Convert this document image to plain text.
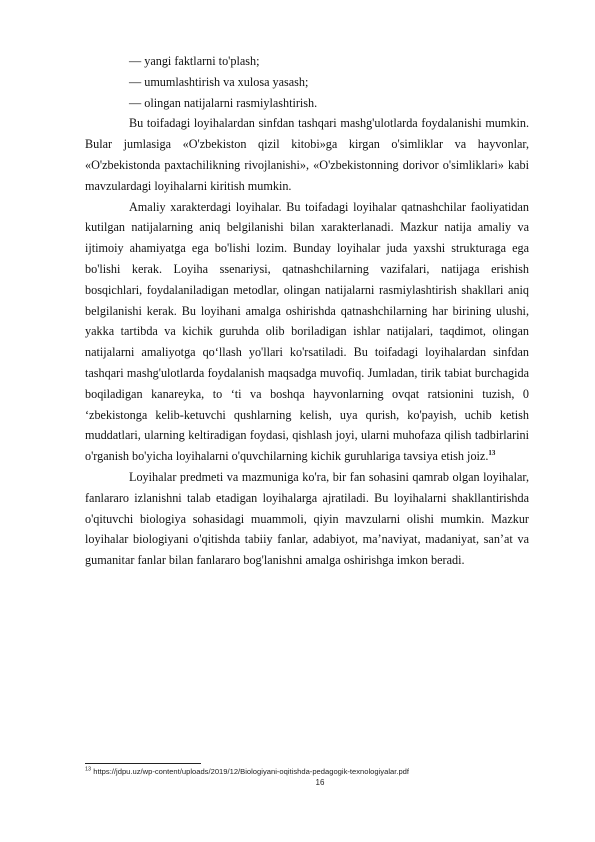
— yangi faktlarni to'plash;

— umumlashtirish va xulosa yasash;

— olingan natijalarni rasmiylashtirish.

Bu toifadagi loyihalardan sinfdan tashqari mashg'ulotlarda foydalanishi mumkin. Bular jumlasiga «O'zbekiston qizil kitobi»ga kirgan o'simliklar va hayvonlar, «O'zbekistonda paxtachilikning rivojlanishi», «O'zbekistonning dorivor o'simliklari» kabi mavzulardagi loyihalarni kiritish mumkin.

Amaliy xarakterdagi loyihalar. Bu toifadagi loyihalar qatnashchilar faoliyatidan kutilgan natijalarning aniq belgilanishi bilan xarakterlanadi. Mazkur natija amaliy va ijtimoiy ahamiyatga ega bo'lishi lozim. Bunday loyihalar juda yaxshi strukturaga ega bo'lishi kerak. Loyiha ssenariysi, qatnashchilarning vazifalari, natijaga erishish bosqichlari, foydalaniladigan metodlar, olingan natijalarni rasmiylashtirish shakllari aniq belgilanishi kerak. Bu loyihani amalga oshirishda qatnashchilarning har birining ulushi, yakka tartibda va kichik guruhda olib boriladigan ishlar natijalari, taqdimot, olingan natijalarni amaliyotga qo‘llash yo'llari ko'rsatiladi. Bu toifadagi loyihalardan sinfdan tashqari mashg'ulotlarda foydalanish maqsadga muvofiq. Jumladan, tirik tabiat burchagida boqiladigan kanareyka, to ‘ti va boshqa hayvonlarning ovqat ratsionini tuzish, 0 ‘zbekistonga kelib-ketuvchi qushlarning kelish, uya qurish, ko'payish, uchib ketish muddatlari, ularning keltiradigan foydasi, qishlash joyi, ularni muhofaza qilish tadbirlarini o'rganish bo'yicha loyihalarni o'quvchilarning kichik guruhlariga tavsiya etish joiz.$^{13}$

Loyihalar predmeti va mazmuniga ko'ra, bir fan sohasini qamrab olgan loyihalar, fanlararo izlanishni talab etadigan loyihalarga ajratiladi. Bu loyihalarni shakllantirishda o'qituvchi biologiya sohasidagi muammoli, qiyin mavzularni olishi mumkin. Mazkur loyihalar biologiyani o'qitishda tabiiy fanlar, adabiyot, ma’naviyat, madaniyat, san’at va gumanitar fanlar bilan fanlararo bog'lanishni amalga oshirishga imkon beradi.

$^{13}$ https://jdpu.uz/wp-content/uploads/2019/12/Biologiyani-oqitishda-pedagogik-texnologiyalar.pdf
16
